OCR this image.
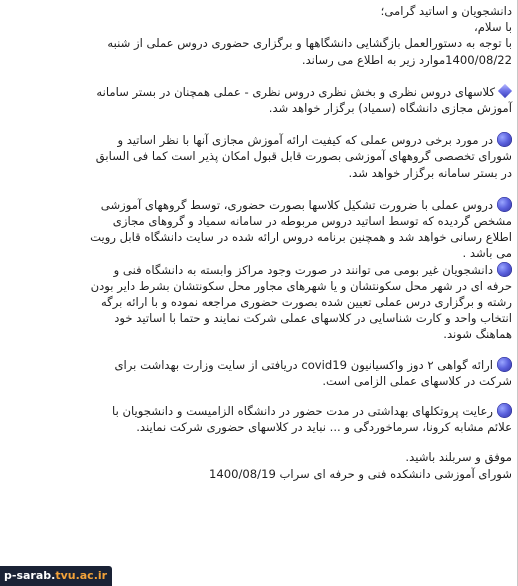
دانشجویان و اساتید گرامی؛

با سلام،

با توجه به دستورالعمل بازگشایی دانشگاهها و برگزاری حضوری دروس عملی از شنبه

1400/08/22موارد زیر به اطلاع می رساند.

کلاسهای دروس نظری و بخش نظری دروس نظری - عملی همچنان در بستر سامانه

آموزش مجازی دانشگاه (سمیاد) برگزار خواهد شد.

در مورد برخی دروس عملی که کیفیت ارائه آموزش مجازی آنها با نظر اساتید و

شورای تخصصی گروههای آموزشی بصورت قابل قبول امکان پذیر است کما فی السابق

در بستر سامانه برگزار خواهد شد.

دروس عملی با ضرورت تشکیل کلاسها بصورت حضوری، توسط گروههای آموزشی

مشخص گردیده که توسط اساتید دروس مربوطه در سامانه سمیاد و گروهای مجازی

اطلاع رسانی خواهد شد و همچنین برنامه دروس ارائه شده در سایت دانشگاه قابل رویت

می باشد .

دانشجویان غیر بومی می توانند در صورت وجود مراکز وابسته به دانشگاه فنی و

حرفه ای در شهر محل سکونتشان و یا شهرهای مجاور محل سکونتشان بشرط دایر بودن

رشته و برگزاری درس عملی تعیین شده بصورت حضوری مراجعه نموده و با ارائه برگه

انتخاب واحد و کارت شناسایی در کلاسهای عملی شرکت نمایند و حتما با اساتید خود

هماهنگ شوند.

ارائه گواهی ۲ دوز واکسیانیون covid19 دریافتی از سایت وزارت بهداشت برای

شرکت در کلاسهای عملی الزامی است.

رعایت پروتکلهای بهداشتی در مدت حضور در دانشگاه الزامیست و دانشجویان با

علائم مشابه کرونا، سرماخوردگی و ... نباید در کلاسهای حضوری شرکت نمایند.

موفق و سربلند باشید.

شورای آموزشی دانشکده فنی و حرفه ای سراب 1400/08/19

p-sarab.tvu.ac.ir
